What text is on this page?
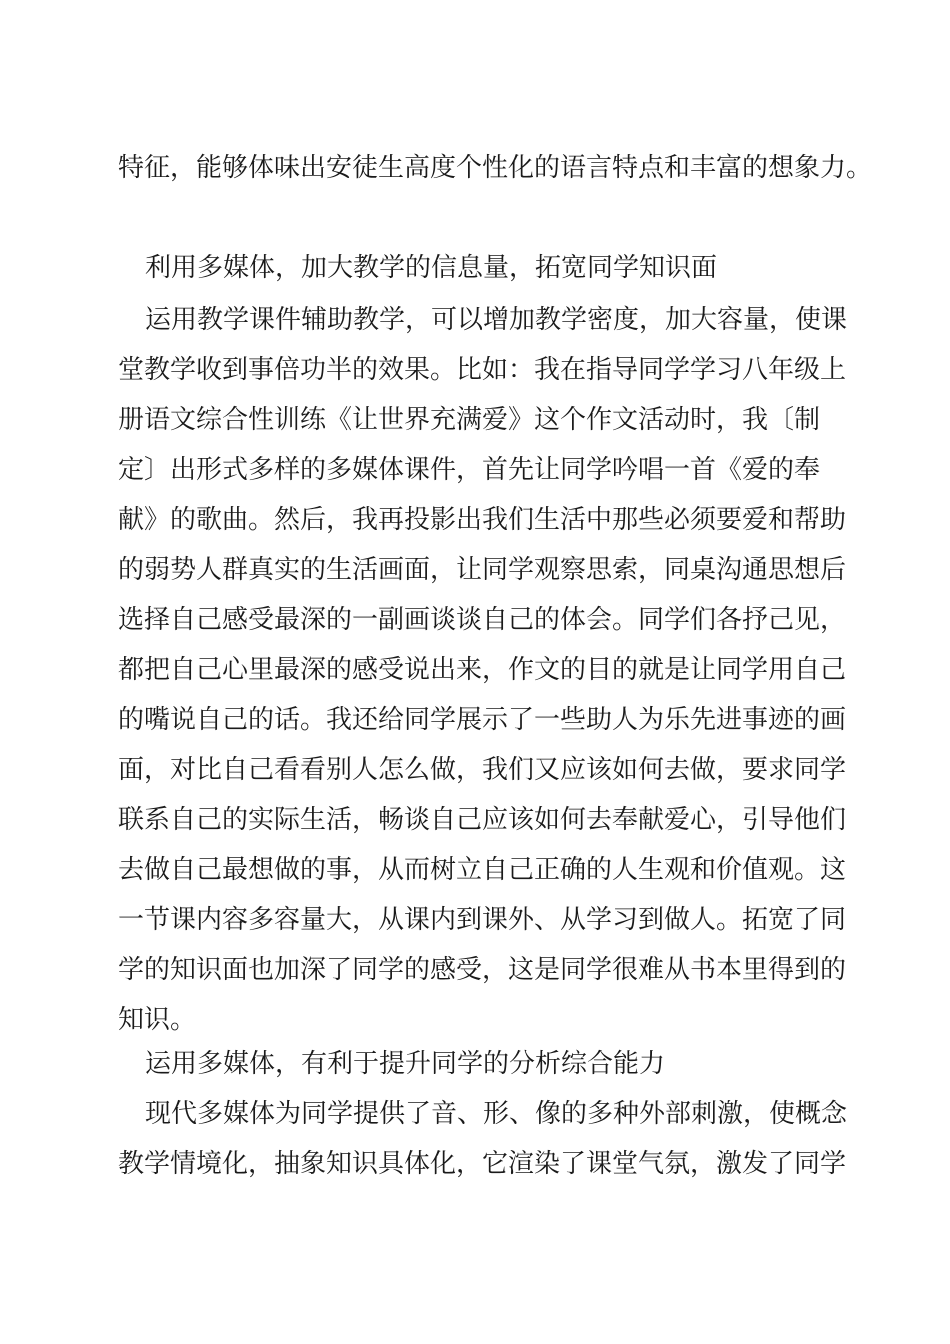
特征，能够体味出安徒生高度个性化的语言特点和丰富的想象力。
利用多媒体，加大教学的信息量，拓宽同学知识面
运用教学课件辅助教学，可以增加教学密度，加大容量，使课
堂教学收到事倍功半的效果。比如：我在指导同学学习八年级上
册语文综合性训练《让世界充满爱》这个作文活动时，我〔制
定〕出形式多样的多媒体课件，首先让同学吟唱一首《爱的奉
献》的歌曲。然后，我再投影出我们生活中那些必须要爱和帮助
的弱势人群真实的生活画面，让同学观察思索，同桌沟通思想后
选择自己感受最深的一副画谈谈自己的体会。同学们各抒己见，
都把自己心里最深的感受说出来，作文的目的就是让同学用自己
的嘴说自己的话。我还给同学展示了一些助人为乐先进事迹的画
面，对比自己看看别人怎么做，我们又应该如何去做，要求同学
联系自己的实际生活，畅谈自己应该如何去奉献爱心，引导他们
去做自己最想做的事，从而树立自己正确的人生观和价值观。这
一节课内容多容量大，从课内到课外、从学习到做人。拓宽了同
学的知识面也加深了同学的感受，这是同学很难从书本里得到的
知识。
运用多媒体，有利于提升同学的分析综合能力
现代多媒体为同学提供了音、形、像的多种外部刺激，使概念
教学情境化，抽象知识具体化，它渲染了课堂气氛，激发了同学
